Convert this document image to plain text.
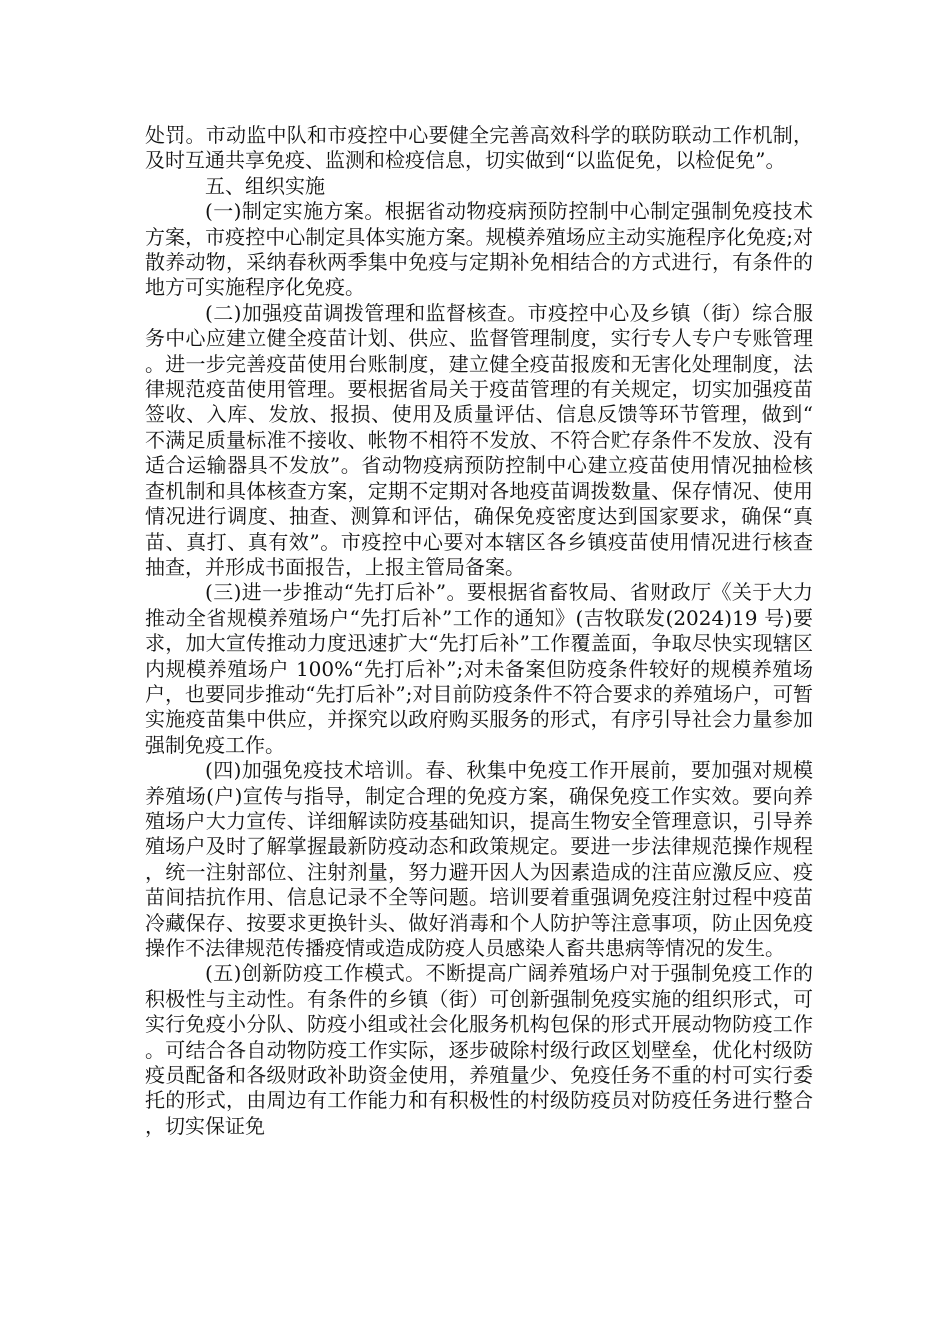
处罚。市动监中队和市疫控中心要健全完善高效科学的联防联动工作机制，及时互通共享免疫、监测和检疫信息，切实做到“以监促免，以检促免”。

五、组织实施

(一)制定实施方案。根据省动物疫病预防控制中心制定强制免疫技术方案，市疫控中心制定具体实施方案。规模养殖场应主动实施程序化免疫;对散养动物，采纳春秋两季集中免疫与定期补免相结合的方式进行，有条件的地方可实施程序化免疫。

(二)加强疫苗调拨管理和监督核查。市疫控中心及乡镇（街）综合服务中心应建立健全疫苗计划、供应、监督管理制度，实行专人专户专账管理。进一步完善疫苗使用台账制度，建立健全疫苗报废和无害化处理制度，法律规范疫苗使用管理。要根据省局关于疫苗管理的有关规定，切实加强疫苗签收、入库、发放、报损、使用及质量评估、信息反馈等环节管理，做到“不满足质量标准不接收、帐物不相符不发放、不符合贮存条件不发放、没有适合运输器具不发放”。省动物疫病预防控制中心建立疫苗使用情况抽检核查机制和具体核查方案，定期不定期对各地疫苗调拨数量、保存情况、使用情况进行调度、抽查、测算和评估，确保免疫密度达到国家要求，确保“真苗、真打、真有效”。市疫控中心要对本辖区各乡镇疫苗使用情况进行核查抽查，并形成书面报告，上报主管局备案。

(三)进一步推动“先打后补”。要根据省畜牧局、省财政厅《关于大力推动全省规模养殖场户“先打后补”工作的通知》(吉牧联发(2024)19 号)要求，加大宣传推动力度迅速扩大“先打后补”工作覆盖面，争取尽快实现辖区内规模养殖场户 100%“先打后补”;对未备案但防疫条件较好的规模养殖场户，也要同步推动“先打后补”;对目前防疫条件不符合要求的养殖场户，可暂实施疫苗集中供应，并探究以政府购买服务的形式，有序引导社会力量参加强制免疫工作。

(四)加强免疫技术培训。春、秋集中免疫工作开展前，要加强对规模养殖场(户)宣传与指导，制定合理的免疫方案，确保免疫工作实效。要向养殖场户大力宣传、详细解读防疫基础知识，提高生物安全管理意识，引导养殖场户及时了解掌握最新防疫动态和政策规定。要进一步法律规范操作规程，统一注射部位、注射剂量，努力避开因人为因素造成的注苗应激反应、疫苗间拮抗作用、信息记录不全等问题。培训要着重强调免疫注射过程中疫苗冷藏保存、按要求更换针头、做好消毒和个人防护等注意事项，防止因免疫操作不法律规范传播疫情或造成防疫人员感染人畜共患病等情况的发生。

(五)创新防疫工作模式。不断提高广阔养殖场户对于强制免疫工作的积极性与主动性。有条件的乡镇（街）可创新强制免疫实施的组织形式，可实行免疫小分队、防疫小组或社会化服务机构包保的形式开展动物防疫工作。可结合各自动物防疫工作实际，逐步破除村级行政区划壁垒，优化村级防疫员配备和各级财政补助资金使用，养殖量少、免疫任务不重的村可实行委托的形式，由周边有工作能力和有积极性的村级防疫员对防疫任务进行整合，切实保证免
